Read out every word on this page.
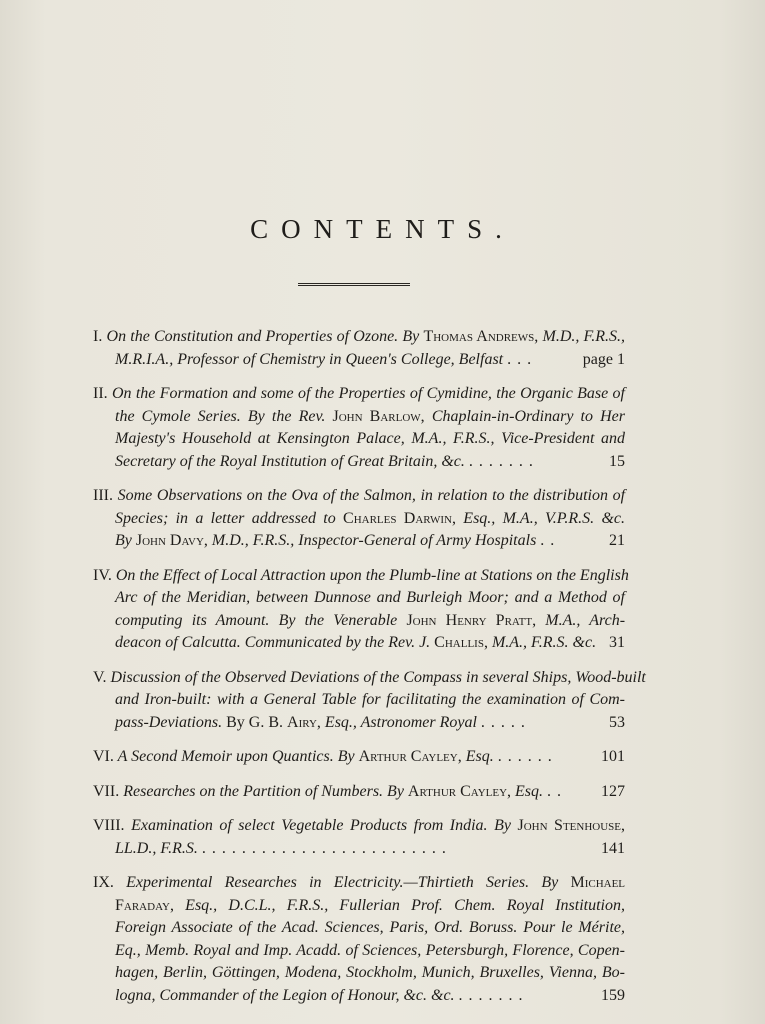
CONTENTS.
I. On the Constitution and Properties of Ozone. By Thomas Andrews, M.D., F.R.S.,
M.R.I.A., Professor of Chemistry in Queen's College, Belfast . . .	page 1
II. On the Formation and some of the Properties of Cymidine, the Organic Base of
the Cymole Series. By the Rev. John Barlow, Chaplain-in-Ordinary to Her
Majesty's Household at Kensington Palace, M.A., F.R.S., Vice-President and
Secretary of the Royal Institution of Great Britain, &c. . . . . . . .	15
III. Some Observations on the Ova of the Salmon, in relation to the distribution of
Species; in a letter addressed to Charles Darwin, Esq., M.A., V.P.R.S. &c.
By John Davy, M.D., F.R.S., Inspector-General of Army Hospitals . .	21
IV. On the Effect of Local Attraction upon the Plumb-line at Stations on the English
Arc of the Meridian, between Dunnose and Burleigh Moor; and a Method of
computing its Amount. By the Venerable John Henry Pratt, M.A., Arch-
deacon of Calcutta. Communicated by the Rev. J. Challis, M.A., F.R.S. &c. 31
V. Discussion of the Observed Deviations of the Compass in several Ships, Wood-built
and Iron-built: with a General Table for facilitating the examination of Com-
pass-Deviations. By G. B. Airy, Esq., Astronomer Royal . . . . .	53
VI. A Second Memoir upon Quantics. By Arthur Cayley, Esq. . . . . . .	101
VII. Researches on the Partition of Numbers. By Arthur Cayley, Esq. . . 127
VIII. Examination of select Vegetable Products from India. By John Stenhouse,
LL.D., F.R.S. . . . . . . . . . . . . . . . . . . . . . . . . .	141
IX. Experimental Researches in Electricity.—Thirtieth Series. By Michael
Faraday, Esq., D.C.L., F.R.S., Fullerian Prof. Chem. Royal Institution,
Foreign Associate of the Acad. Sciences, Paris, Ord. Boruss. Pour le Mérite,
Eq., Memb. Royal and Imp. Acadd. of Sciences, Petersburgh, Florence, Copen-
hagen, Berlin, Göttingen, Modena, Stockholm, Munich, Bruxelles, Vienna, Bo-
logna, Commander of the Legion of Honour, &c. &c. . . . . . . .	159
